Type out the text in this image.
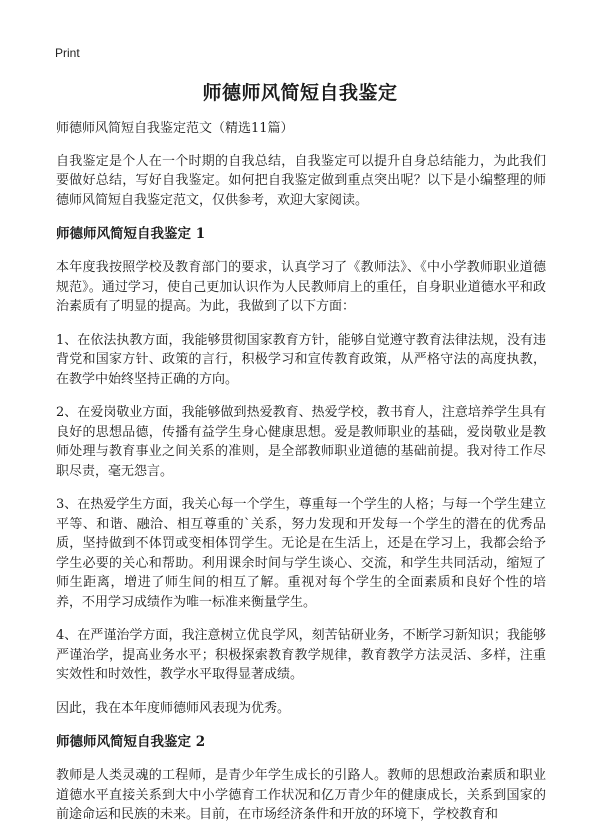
Print
师德师风简短自我鉴定

师德师风简短自我鉴定范文（精选11篇）

自我鉴定是个人在一个时期的自我总结，自我鉴定可以提升自身总结能力，为此我们要做好总结，写好自我鉴定。如何把自我鉴定做到重点突出呢？以下是小编整理的师德师风简短自我鉴定范文，仅供参考，欢迎大家阅读。

师德师风简短自我鉴定 1

本年度我按照学校及教育部门的要求，认真学习了《教师法》、《中小学教师职业道德规范》。通过学习，使自己更加认识作为人民教师肩上的重任，自身职业道德水平和政治素质有了明显的提高。为此，我做到了以下方面：

1、在依法执教方面，我能够贯彻国家教育方针，能够自觉遵守教育法律法规，没有违背党和国家方针、政策的言行，积极学习和宣传教育政策，从严格守法的高度执教，在教学中始终坚持正确的方向。

2、在爱岗敬业方面，我能够做到热爱教育、热爱学校，教书育人，注意培养学生具有良好的思想品德，传播有益学生身心健康思想。爱是教师职业的基础，爱岗敬业是教师处理与教育事业之间关系的准则，是全部教师职业道德的基础前提。我对待工作尽职尽责，毫无怨言。

3、在热爱学生方面，我关心每一个学生，尊重每一个学生的人格；与每一个学生建立平等、和谐、融洽、相互尊重的`关系，努力发现和开发每一个学生的潜在的优秀品质，坚持做到不体罚或变相体罚学生。无论是在生活上，还是在学习上，我都会给予学生必要的关心和帮助。利用课余时间与学生谈心、交流，和学生共同活动，缩短了师生距离，增进了师生间的相互了解。重视对每个学生的全面素质和良好个性的培养，不用学习成绩作为唯一标准来衡量学生。

4、在严谨治学方面，我注意树立优良学风，刻苦钻研业务，不断学习新知识；我能够严谨治学，提高业务水平；积极探索教育教学规律，教育教学方法灵活、多样，注重实效性和时效性，教学水平取得显著成绩。

因此，我在本年度师德师风表现为优秀。

师德师风简短自我鉴定 2

教师是人类灵魂的工程师，是青少年学生成长的引路人。教师的思想政治素质和职业道德水平直接关系到大中小学德育工作状况和亿万青少年的健康成长，关系到国家的前途命运和民族的未来。目前，在市场经济条件和开放的环境下，学校教育和
